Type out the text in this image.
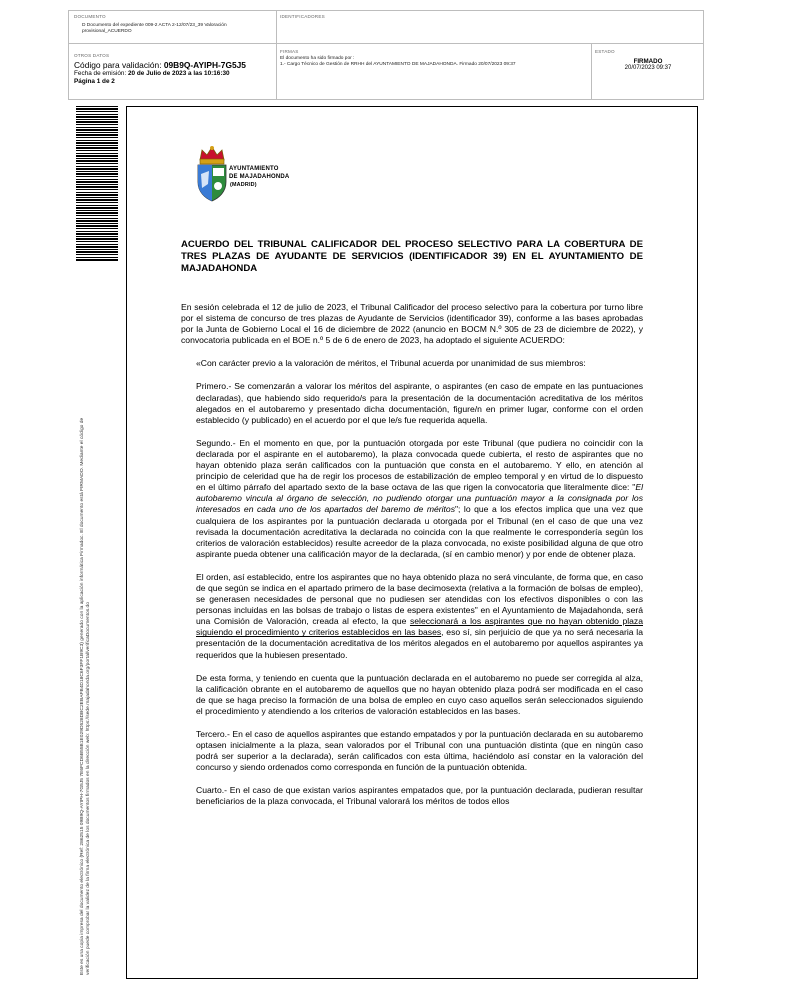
DOCUMENTO
D Documento del expediente 009-2 ACTA 2-12/07/23_39 Valoración provisional_ACUERDO
IDENTIFICADORES
OTROS DATOS
Código para validación: 09B9Q-AYIPH-7G5J5
Fecha de emisión: 20 de Julio de 2023 a las 10:16:30
Página 1 de 2
FIRMAS
El documento ha sido firmado por :
1.- Cargo Técnico de Gestión de RRHH del AYUNTAMIENTO DE MAJADAHONDA. Firmado 20/07/2023 09:37
ESTADO
FIRMADO
20/07/2023 09:37
Este es una copia impresa del documento electrónico (Ref: 2862515 09B9Q-AYIPH-7G5J5 7E6FCD6B55B1E029D528DBC2EBAFB4D18C6F3FF1B9C3) generado con la aplicación informática Firmadoc. El documento está FIRMADO. Mediante el código de verificación puede comprobar la validez de la firma electrónica de los documentos firmados en la dirección web: https://sede.majadahonda.org/portal/verificaDocumentos.do
AYUNTAMIENTO
DE MAJADAHONDA
(MADRID)
ACUERDO DEL TRIBUNAL CALIFICADOR DEL PROCESO SELECTIVO PARA LA COBERTURA DE TRES PLAZAS DE AYUDANTE DE SERVICIOS (IDENTIFICADOR 39) EN EL AYUNTAMIENTO DE MAJADAHONDA

En sesión celebrada el 12 de julio de 2023, el Tribunal Calificador del proceso selectivo para la cobertura por turno libre por el sistema de concurso de tres plazas de Ayudante de Servicios (identificador 39), conforme a las bases aprobadas por la Junta de Gobierno Local el 16 de diciembre de 2022 (anuncio en BOCM N.º 305 de 23 de diciembre de 2022), y convocatoria publicada en el BOE n.º 5 de 6 de enero de 2023, ha adoptado el siguiente ACUERDO:

«Con carácter previo a la valoración de méritos, el Tribunal acuerda por unanimidad de sus miembros:

Primero.- Se comenzarán a valorar los méritos del aspirante, o aspirantes (en caso de empate en las puntuaciones declaradas), que habiendo sido requerido/s para la presentación de la documentación acreditativa de los méritos alegados en el autobaremo y presentado dicha documentación, figure/n en primer lugar, conforme con el orden establecido (y publicado) en el acuerdo por el que le/s fue requerida aquella.

Segundo.- En el momento en que, por la puntuación otorgada por este Tribunal (que pudiera no coincidir con la declarada por el aspirante en el autobaremo), la plaza convocada quede cubierta, el resto de aspirantes que no hayan obtenido plaza serán calificados con la puntuación que consta en el autobaremo. Y ello, en atención al principio de celeridad que ha de regir los procesos de estabilización de empleo temporal y en virtud de lo dispuesto en el último párrafo del apartado sexto de la base octava de las que rigen la convocatoria que literalmente dice: "El autobaremo vincula al órgano de selección, no pudiendo otorgar una puntuación mayor a la consignada por los interesados en cada uno de los apartados del baremo de méritos"; lo que a los efectos implica que una vez que cualquiera de los aspirantes por la puntuación declarada u otorgada por el Tribunal (en el caso de que una vez revisada la documentación acreditativa la declarada no coincida con la que realmente le correspondería según los criterios de valoración establecidos) resulte acreedor de la plaza convocada, no existe posibilidad alguna de que otro aspirante pueda obtener una calificación mayor de la declarada, (sí en cambio menor) y por ende de obtener plaza.

El orden, así establecido, entre los aspirantes que no haya obtenido plaza no será vinculante, de forma que, en caso de que según se indica en el apartado primero de la base decimosexta (relativa a la formación de bolsas de empleo), se generasen necesidades de personal que no pudiesen ser atendidas con los efectivos disponibles o con las personas incluidas en las bolsas de trabajo o listas de espera existentes" en el Ayuntamiento de Majadahonda, será una Comisión de Valoración, creada al efecto, la que seleccionará a los aspirantes que no hayan obtenido plaza siguiendo el procedimiento y criterios establecidos en las bases, eso sí, sin perjuicio de que ya no será necesaria la presentación de la documentación acreditativa de los méritos alegados en el autobaremo por aquellos aspirantes ya requeridos que la hubiesen presentado.

De esta forma, y teniendo en cuenta que la puntuación declarada en el autobaremo no puede ser corregida al alza, la calificación obrante en el autobaremo de aquellos que no hayan obtenido plaza podrá ser modificada en el caso de que se haga preciso la formación de una bolsa de empleo en cuyo caso aquellos serán seleccionados siguiendo el procedimiento y atendiendo a los criterios de valoración establecidos en las bases.

Tercero.- En el caso de aquellos aspirantes que estando empatados y por la puntuación declarada en su autobaremo optasen inicialmente a la plaza, sean valorados por el Tribunal con una puntuación distinta (que en ningún caso podrá ser superior a la declarada), serán calificados con esta última, haciéndolo así constar en la valoración del concurso y siendo ordenados como corresponda en función de la puntuación obtenida.

Cuarto.- En el caso de que existan varios aspirantes empatados que, por la puntuación declarada, pudieran resultar beneficiarios de la plaza convocada, el Tribunal valorará los méritos de todos ellos
